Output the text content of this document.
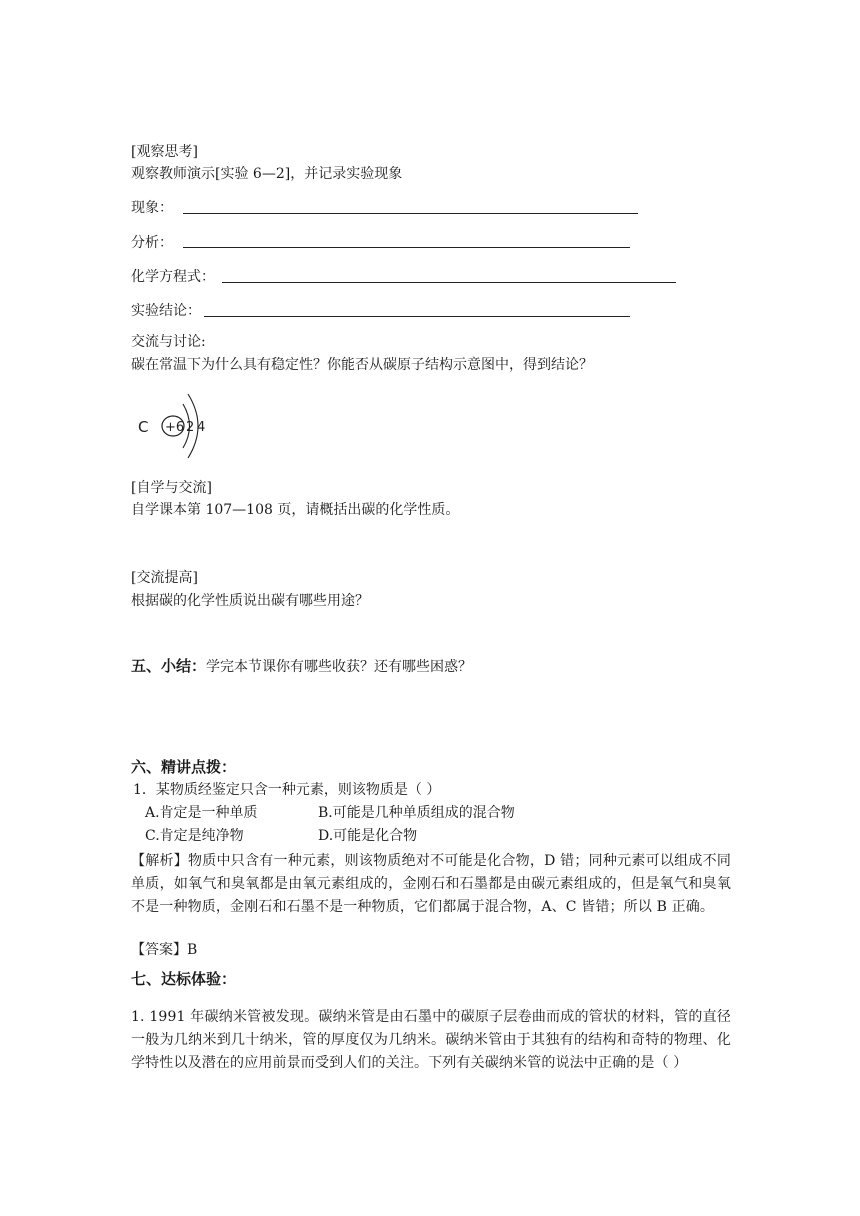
[观察思考]
观察教师演示[实验 6—2]，并记录实验现象
现象：
分析：
化学方程式：
实验结论：
交流与讨论:
碳在常温下为什么具有稳定性？你能否从碳原子结构示意图中，得到结论？
C +6 2 4
[自学与交流]
自学课本第 107—108 页，请概括出碳的化学性质。
[交流提高]
根据碳的化学性质说出碳有哪些用途？
五、小结：学完本节课你有哪些收获？还有哪些困惑？
六、精讲点拨：
1．某物质经鉴定只含一种元素，则该物质是（ ）
A.肯定是一种单质	B.可能是几种单质组成的混合物
C.肯定是纯净物	D.可能是化合物
【解析】物质中只含有一种元素，则该物质绝对不可能是化合物，D 错；同种元素可以组成不同单质，如氧气和臭氧都是由氧元素组成的，金刚石和石墨都是由碳元素组成的，但是氧气和臭氧不是一种物质，金刚石和石墨不是一种物质，它们都属于混合物，A、C 皆错；所以 B 正确。
【答案】B
七、达标体验：
1. 1991 年碳纳米管被发现。碳纳米管是由石墨中的碳原子层卷曲而成的管状的材料，管的直径一般为几纳米到几十纳米，管的厚度仅为几纳米。碳纳米管由于其独有的结构和奇特的物理、化学特性以及潜在的应用前景而受到人们的关注。下列有关碳纳米管的说法中正确的是（ ）
